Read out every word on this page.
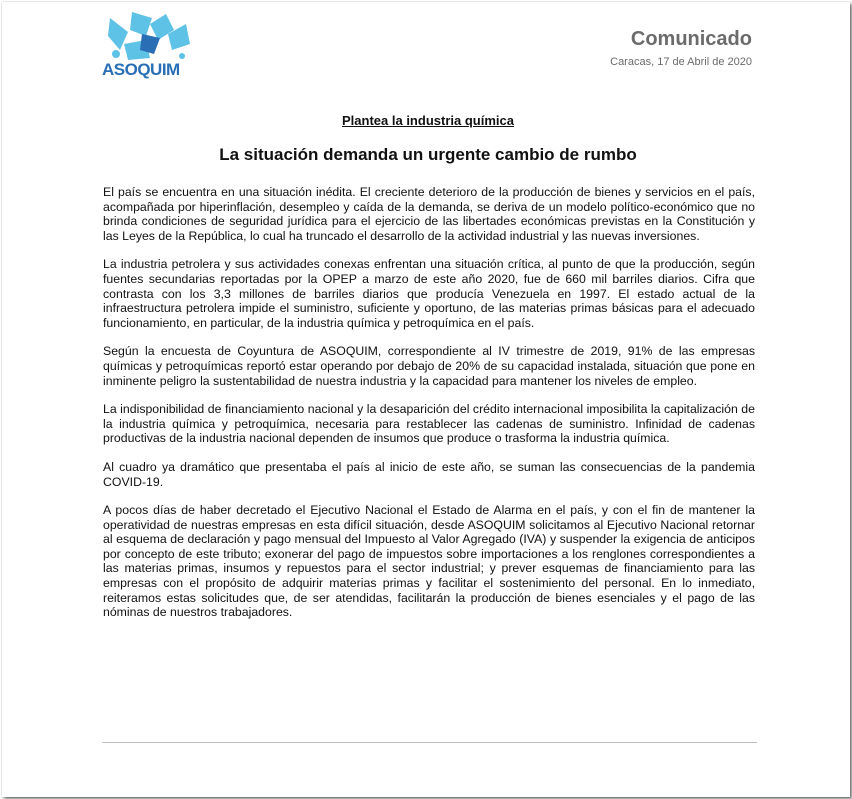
ASOQUIM
Comunicado
Caracas, 17 de Abril de 2020
Plantea la industria química
La situación demanda un urgente cambio de rumbo

El país se encuentra en una situación inédita. El creciente deterioro de la producción de bienes y servicios en el país, acompañada por hiperinflación, desempleo y caída de la demanda, se deriva de un modelo político-económico que no brinda condiciones de seguridad jurídica para el ejercicio de las libertades económicas previstas en la Constitución y las Leyes de la República, lo cual ha truncado el desarrollo de la actividad industrial y las nuevas inversiones.

La industria petrolera y sus actividades conexas enfrentan una situación crítica, al punto de que la producción, según fuentes secundarias reportadas por la OPEP a marzo de este año 2020, fue de 660 mil barriles diarios. Cifra que contrasta con los 3,3 millones de barriles diarios que producía Venezuela en 1997. El estado actual de la infraestructura petrolera impide el suministro, suficiente y oportuno, de las materias primas básicas para el adecuado funcionamiento, en particular, de la industria química y petroquímica en el país.

Según la encuesta de Coyuntura de ASOQUIM, correspondiente al IV trimestre de 2019, 91% de las empresas químicas y petroquímicas reportó estar operando por debajo de 20% de su capacidad instalada, situación que pone en inminente peligro la sustentabilidad de nuestra industria y la capacidad para mantener los niveles de empleo.

La indisponibilidad de financiamiento nacional y la desaparición del crédito internacional imposibilita la capitalización de la industria química y petroquímica, necesaria para restablecer las cadenas de suministro. Infinidad de cadenas productivas de la industria nacional dependen de insumos que produce o trasforma la industria química.

Al cuadro ya dramático que presentaba el país al inicio de este año, se suman las consecuencias de la pandemia COVID-19.

A pocos días de haber decretado el Ejecutivo Nacional el Estado de Alarma en el país, y con el fin de mantener la operatividad de nuestras empresas en esta difícil situación, desde ASOQUIM solicitamos al Ejecutivo Nacional retornar al esquema de declaración y pago mensual del Impuesto al Valor Agregado (IVA) y suspender la exigencia de anticipos por concepto de este tributo; exonerar del pago de impuestos sobre importaciones a los renglones correspondientes a las materias primas, insumos y repuestos para el sector industrial; y prever esquemas de financiamiento para las empresas con el propósito de adquirir materias primas y facilitar el sostenimiento del personal. En lo inmediato, reiteramos estas solicitudes que, de ser atendidas, facilitarán la producción de bienes esenciales y el pago de las nóminas de nuestros trabajadores.
